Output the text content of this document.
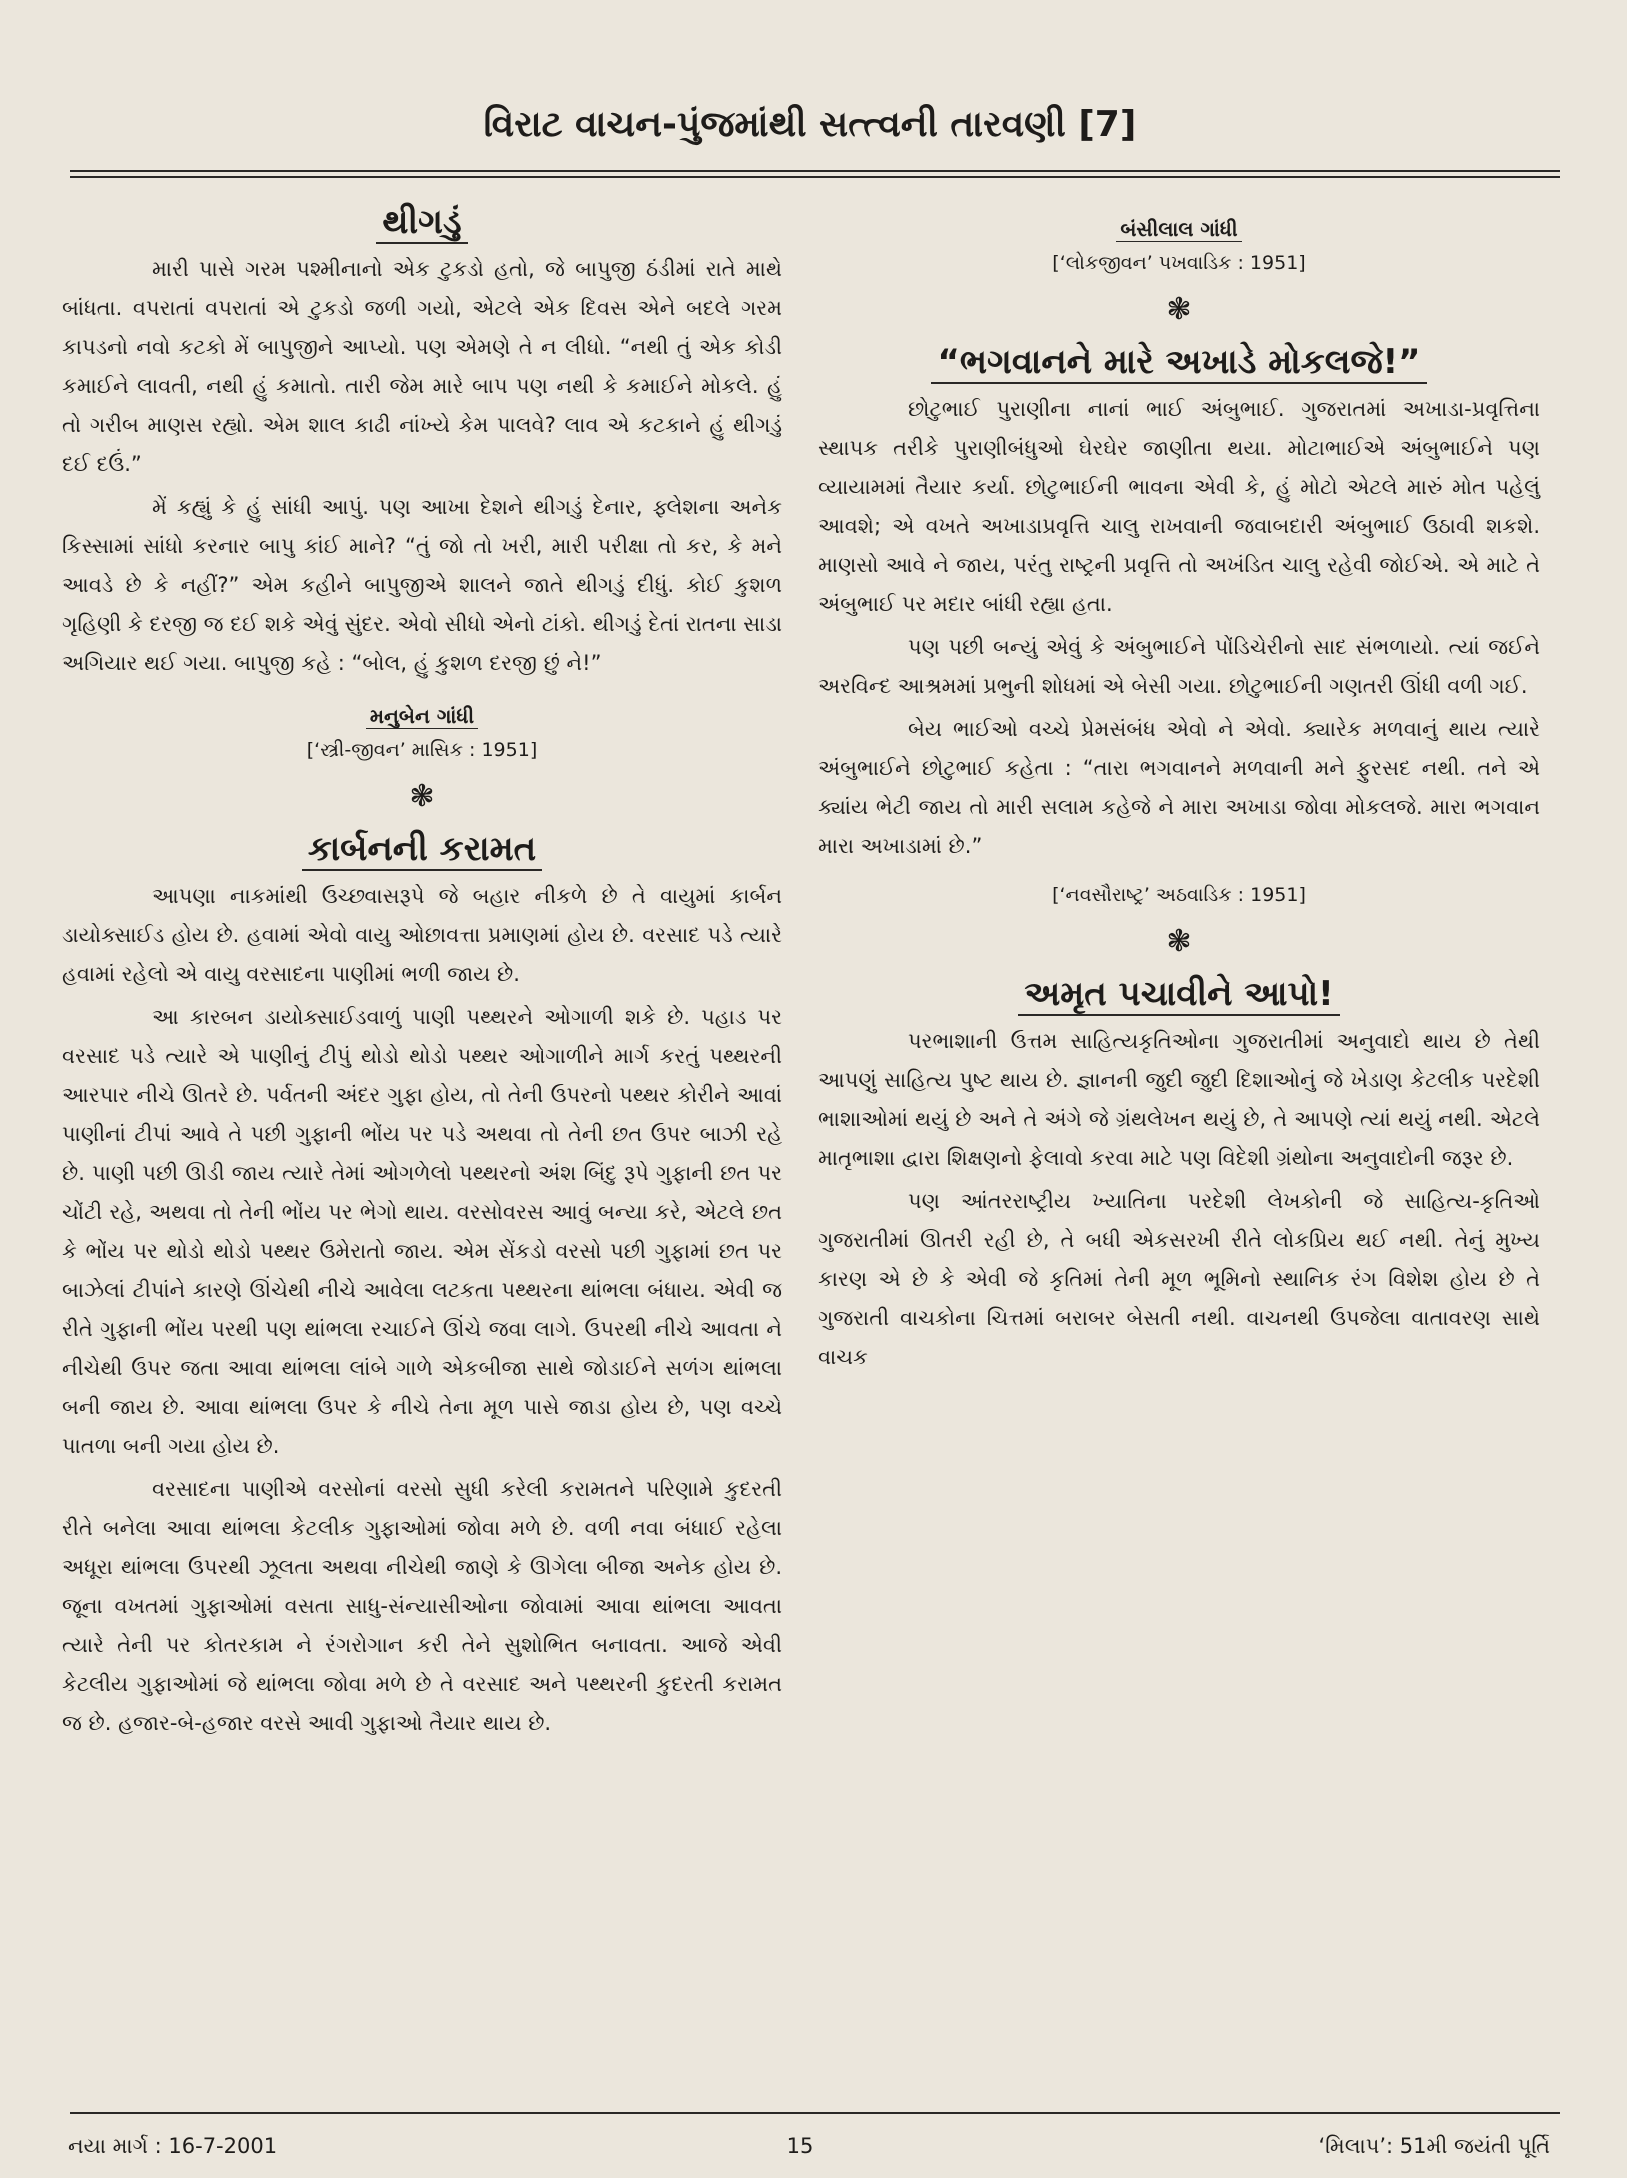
વિરાટ વાચન-પુંજમાંથી સત્ત્વની તારવણી [7]
થીગડું

મારી પાસે ગરમ પશ્મીનાનો એક ટુકડો હતો, જે બાપુજી ઠંડીમાં રાતે માથે બાંધતા. વપરાતાં વપરાતાં એ ટુકડો જળી ગયો, એટલે એક દિવસ એને બદલે ગરમ કાપડનો નવો કટકો મેં બાપુજીને આપ્યો. પણ એમણે તે ન લીધો. “નથી તું એક કોડી કમાઈને લાવતી, નથી હું કમાતો. તારી જેમ મારે બાપ પણ નથી કે કમાઈને મોકલે. હું તો ગરીબ માણસ રહ્યો. એમ શાલ કાઢી નાંખ્યે કેમ પાલવે? લાવ એ કટકાને હું થીગડું દઈ દઉં.”

મેં કહ્યું કે હું સાંધી આપું. પણ આખા દેશને થીગડું દેનાર, ફ્લેશના અનેક કિસ્સામાં સાંધો કરનાર બાપુ કાંઈ માને? “તું જો તો ખરી, મારી પરીક્ષા તો કર, કે મને આવડે છે કે નહીં?” એમ કહીને બાપુજીએ શાલને જાતે થીગડું દીધું. કોઈ કુશળ ગૃહિણી કે દરજી જ દઈ શકે એવું સુંદર. એવો સીધો એનો ટાંકો. થીગડું દેતાં રાતના સાડા અગિયાર થઈ ગયા. બાપુજી કહે : “બોલ, હું કુશળ દરજી છું ને!”

મનુબેન ગાંધી
[‘સ્ત્રી-જીવન’ માસિક : 1951]
❃
કાર્બનની કરામત

આપણા નાકમાંથી ઉચ્છ્વાસરૂપે જે બહાર નીકળે છે તે વાયુમાં કાર્બન ડાયોક્સાઈડ હોય છે. હવામાં એવો વાયુ ઓછાવત્તા પ્રમાણમાં હોય છે. વરસાદ પડે ત્યારે હવામાં રહેલો એ વાયુ વરસાદના પાણીમાં ભળી જાય છે.

આ કારબન ડાયોક્સાઈડવાળું પાણી પથ્થરને ઓગાળી શકે છે. પહાડ પર વરસાદ પડે ત્યારે એ પાણીનું ટીપું થોડો થોડો પથ્થર ઓગાળીને માર્ગ કરતું પથ્થરની આરપાર નીચે ઊતરે છે. પર્વતની અંદર ગુફા હોય, તો તેની ઉપરનો પથ્થર કોરીને આવાં પાણીનાં ટીપાં આવે તે પછી ગુફાની ભોંય પર પડે અથવા તો તેની છત ઉપર બાઝી રહે છે. પાણી પછી ઊડી જાય ત્યારે તેમાં ઓગળેલો પથ્થરનો અંશ બિંદુ રૂપે ગુફાની છત પર ચોંટી રહે, અથવા તો તેની ભોંય પર ભેગો થાય. વરસોવરસ આવું બન્યા કરે, એટલે છત કે ભોંય પર થોડો થોડો પથ્થર ઉમેરાતો જાય. એમ સેંકડો વરસો પછી ગુફામાં છત પર બાઝેલાં ટીપાંને કારણે ઊંચેથી નીચે આવેલા લટકતા પથ્થરના થાંભલા બંધાય. એવી જ રીતે ગુફાની ભોંય પરથી પણ થાંભલા રચાઈને ઊંચે જવા લાગે. ઉપરથી નીચે આવતા ને નીચેથી ઉપર જતા આવા થાંભલા લાંબે ગાળે એકબીજા સાથે જોડાઈને સળંગ થાંભલા બની જાય છે. આવા થાંભલા ઉપર કે નીચે તેના મૂળ પાસે જાડા હોય છે, પણ વચ્ચે પાતળા બની ગયા હોય છે.

વરસાદના પાણીએ વરસોનાં વરસો સુધી કરેલી કરામતને પરિણામે કુદરતી રીતે બનેલા આવા થાંભલા કેટલીક ગુફાઓમાં જોવા મળે છે. વળી નવા બંધાઈ રહેલા અધૂરા થાંભલા ઉપરથી ઝૂલતા અથવા નીચેથી જાણે કે ઊગેલા બીજા અનેક હોય છે. જૂના વખતમાં ગુફાઓમાં વસતા સાધુ-સંન્યાસીઓના જોવામાં આવા થાંભલા આવતા ત્યારે તેની પર કોતરકામ ને રંગરોગાન કરી તેને સુશોભિત બનાવતા. આજે એવી કેટલીય ગુફાઓમાં જે થાંભલા જોવા મળે છે તે વરસાદ અને પથ્થરની કુદરતી કરામત જ છે. હજાર-બે-હજાર વરસે આવી ગુફાઓ તૈયાર થાય છે.

બંસીલાલ ગાંધી
[‘લોકજીવન’ પખવાડિક : 1951]
❃
“ભગવાનને મારે અખાડે મોકલજે!”

છોટુભાઈ પુરાણીના નાનાં ભાઈ અંબુભાઈ. ગુજરાતમાં અખાડા-પ્રવૃત્તિના સ્થાપક તરીકે પુરાણીબંધુઓ ઘેરઘેર જાણીતા થયા. મોટાભાઈએ અંબુભાઈને પણ વ્યાયામમાં તૈયાર કર્યા. છોટુભાઈની ભાવના એવી કે, હું મોટો એટલે મારું મોત પહેલું આવશે; એ વખતે અખાડાપ્રવૃત્તિ ચાલુ રાખવાની જવાબદારી અંબુભાઈ ઉઠાવી શકશે. માણસો આવે ને જાય, પરંતુ રાષ્ટ્રની પ્રવૃત્તિ તો અખંડિત ચાલુ રહેવી જોઈએ. એ માટે તે અંબુભાઈ પર મદાર બાંધી રહ્યા હતા.

પણ પછી બન્યું એવું કે અંબુભાઈને પોંડિચેરીનો સાદ સંભળાયો. ત્યાં જઈને અરવિન્દ આશ્રમમાં પ્રભુની શોધમાં એ બેસી ગયા. છોટુભાઈની ગણતરી ઊંધી વળી ગઈ.

બેય ભાઈઓ વચ્ચે પ્રેમસંબંધ એવો ને એવો. ક્યારેક મળવાનું થાય ત્યારે અંબુભાઈને છોટુભાઈ કહેતા : “તારા ભગવાનને મળવાની મને ફુરસદ નથી. તને એ ક્યાંય ભેટી જાય તો મારી સલામ કહેજે ને મારા અખાડા જોવા મોકલજે. મારા ભગવાન મારા અખાડામાં છે.”

[‘નવસૌરાષ્ટ્ર’ અઠવાડિક : 1951]
❃
અમૃત પચાવીને આપો!

પરભાશાની ઉત્તમ સાહિત્યકૃતિઓના ગુજરાતીમાં અનુવાદો થાય છે તેથી આપણું સાહિત્ય પુષ્ટ થાય છે. જ્ઞાનની જુદી જુદી દિશાઓનું જે ખેડાણ કેટલીક પરદેશી ભાશાઓમાં થયું છે અને તે અંગે જે ગ્રંથલેખન થયું છે, તે આપણે ત્યાં થયું નથી. એટલે માતૃભાશા દ્વારા શિક્ષણનો ફેલાવો કરવા માટે પણ વિદેશી ગ્રંથોના અનુવાદોની જરૂર છે.

પણ આંતરરાષ્ટ્રીય ખ્યાતિના પરદેશી લેખકોની જે સાહિત્ય-કૃતિઓ ગુજરાતીમાં ઊતરી રહી છે, તે બધી એકસરખી રીતે લોકપ્રિય થઈ નથી. તેનું મુખ્ય કારણ એ છે કે એવી જે કૃતિમાં તેની મૂળ ભૂમિનો સ્થાનિક રંગ વિશેશ હોય છે તે ગુજરાતી વાચકોના ચિત્તમાં બરાબર બેસતી નથી. વાચનથી ઉપજેલા વાતાવરણ સાથે વાચક

નયા માર્ગ : 16-7-2001	15	‘મિલાપ’: 51મી જયંતી પૂર્તિ
